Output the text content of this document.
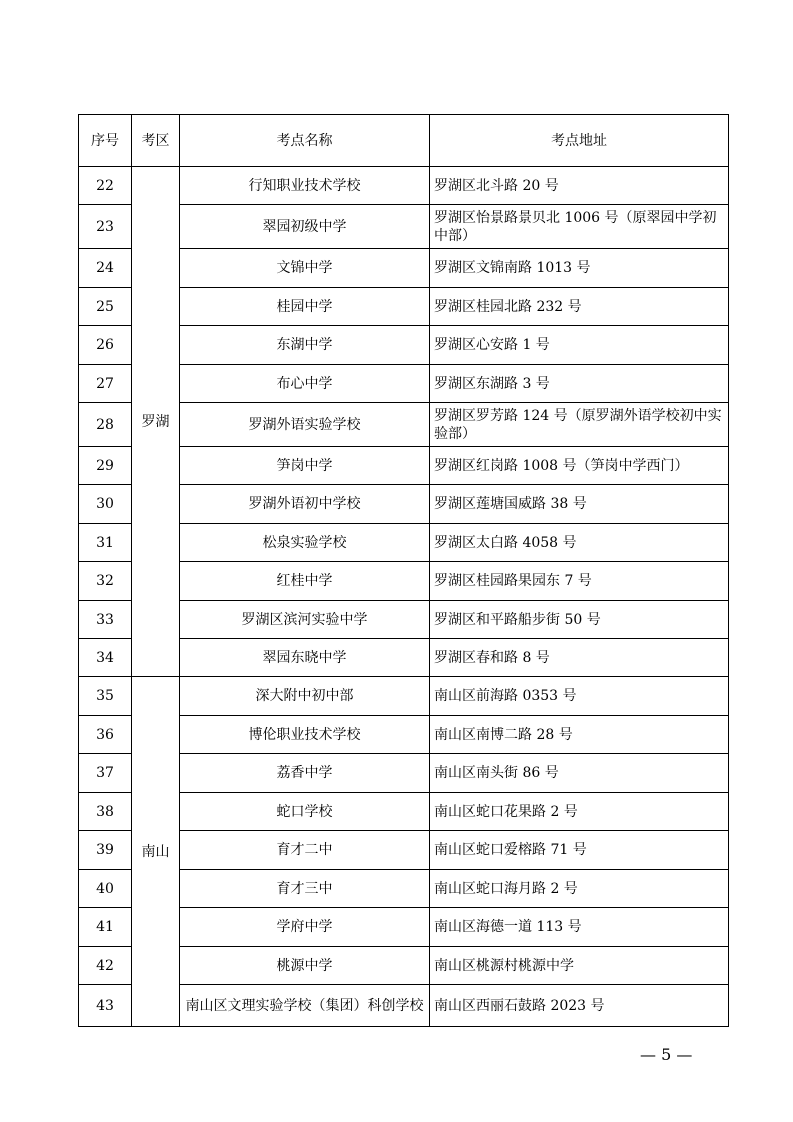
序号	考区	考点名称	考点地址
22	罗湖	行知职业技术学校	罗湖区北斗路 20 号
23		翠园初级中学	罗湖区怡景路景贝北 1006 号（原翠园中学初中部）
24		文锦中学	罗湖区文锦南路 1013 号
25		桂园中学	罗湖区桂园北路 232 号
26		东湖中学	罗湖区心安路 1 号
27		布心中学	罗湖区东湖路 3 号
28		罗湖外语实验学校	罗湖区罗芳路 124 号（原罗湖外语学校初中实验部）
29		笋岗中学	罗湖区红岗路 1008 号（笋岗中学西门）
30		罗湖外语初中学校	罗湖区莲塘国威路 38 号
31		松泉实验学校	罗湖区太白路 4058 号
32		红桂中学	罗湖区桂园路果园东 7 号
33		罗湖区滨河实验中学	罗湖区和平路船步街 50 号
34		翠园东晓中学	罗湖区春和路 8 号
35	南山	深大附中初中部	南山区前海路 0353 号
36		博伦职业技术学校	南山区南博二路 28 号
37		荔香中学	南山区南头街 86 号
38		蛇口学校	南山区蛇口花果路 2 号
39		育才二中	南山区蛇口爱榕路 71 号
40		育才三中	南山区蛇口海月路 2 号
41		学府中学	南山区海德一道 113 号
42		桃源中学	南山区桃源村桃源中学
43		南山区文理实验学校（集团）科创学校	南山区西丽石鼓路 2023 号
— 5 —
